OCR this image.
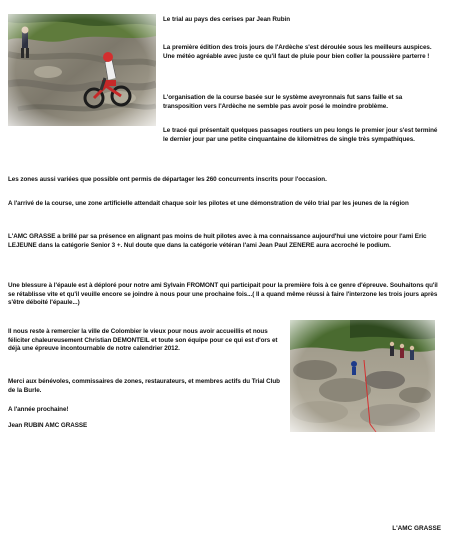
Le trial au pays des cerises par Jean Rubin

La première édition des trois jours de l'Ardèche s'est déroulée sous les meilleurs auspices. Une météo agréable avec juste ce qu'il faut de pluie pour bien coller la poussière parterre !

L'organisation de la course basée sur le système aveyronnais fut sans faille et sa transposition vers l'Ardèche ne semble pas avoir posé le moindre problème.

Le tracé qui présentait quelques passages routiers un peu longs le premier jour s'est terminé le dernier jour par une petite cinquantaine de kilomètres de single très sympathiques.

Les zones aussi variées que possible ont permis de départager les 260 concurrents inscrits pour l'occasion.

A l'arrivé de la course, une zone artificielle attendait chaque soir les pilotes et une démonstration de vélo trial par les jeunes de la région

L'AMC GRASSE a brillé par sa présence en alignant pas moins de huit pilotes avec à ma connaissance aujourd'hui une victoire pour l'ami Eric LEJEUNE dans la catégorie Senior 3 +. Nul doute que dans la catégorie vétéran l'ami Jean Paul ZENERE aura accroché le podium.

Une blessure à l'épaule est à déploré pour notre ami Sylvain FROMONT qui participait pour la première fois à ce genre d'épreuve. Souhaitons qu'il se rétablisse vite et qu'il veuille encore se joindre à nous pour une prochaine fois...( Il a quand même réussi à faire l'interzone les trois jours après s'être déboité l'épaule...)

Il nous reste à remercier la ville de Colombier le vieux pour nous avoir accueillis et nous féliciter chaleureusement Christian DEMONTEIL et toute son équipe pour ce qui est d'ors et déjà une épreuve incontournable de notre calendrier 2012.

Merci aux bénévoles, commissaires de zones, restaurateurs, et membres actifs du Trial Club de la Burle.

A l'année prochaine!

Jean RUBIN AMC GRASSE

L'AMC GRASSE
